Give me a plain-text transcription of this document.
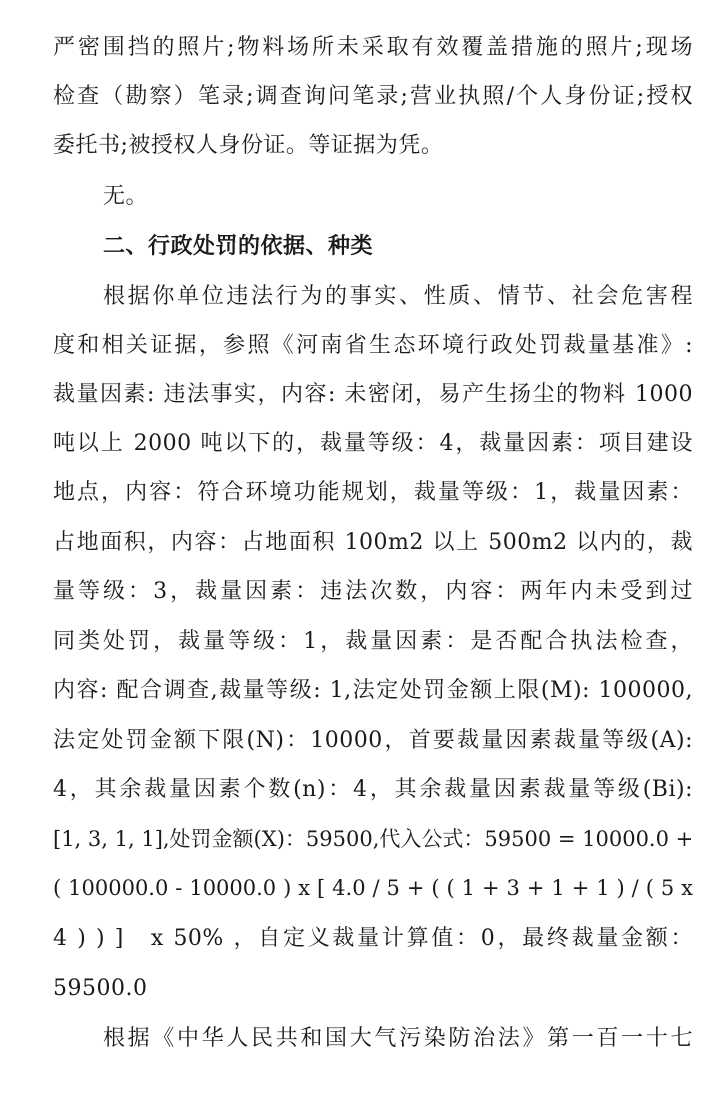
严密围挡的照片;物料场所未采取有效覆盖措施的照片;现场
检查（勘察）笔录;调查询问笔录;营业执照/个人身份证;授权
委托书;被授权人身份证。等证据为凭。
无。
二、行政处罚的依据、种类
根据你单位违法行为的事实、性质、情节、社会危害程
度和相关证据，参照《河南省生态环境行政处罚裁量基准》:
裁量因素: 违法事实，内容: 未密闭，易产生扬尘的物料 1000
吨以上 2000 吨以下的，裁量等级：4，裁量因素：项目建设
地点，内容：符合环境功能规划，裁量等级：1，裁量因素：
占地面积，内容：占地面积 100m2 以上 500m2 以内的，裁
量等级：3，裁量因素：违法次数，内容：两年内未受到过
同类处罚，裁量等级：1，裁量因素：是否配合执法检查，
内容: 配合调查,裁量等级: 1,法定处罚金额上限(M): 100000,
法定处罚金额下限(N)：10000，首要裁量因素裁量等级(A):
4，其余裁量因素个数(n)：4，其余裁量因素裁量等级(Bi):
[1, 3, 1, 1],处罚金额(X)：59500,代入公式：59500 = 10000.0 +
( 100000.0 - 10000.0 ) x [ 4.0 / 5 + ( ( 1 + 3 + 1 + 1 ) / ( 5 x
4 ) ) ]　x 50% ，自定义裁量计算值：0，最终裁量金额：
59500.0
根据《中华人民共和国大气污染防治法》第一百一十七
